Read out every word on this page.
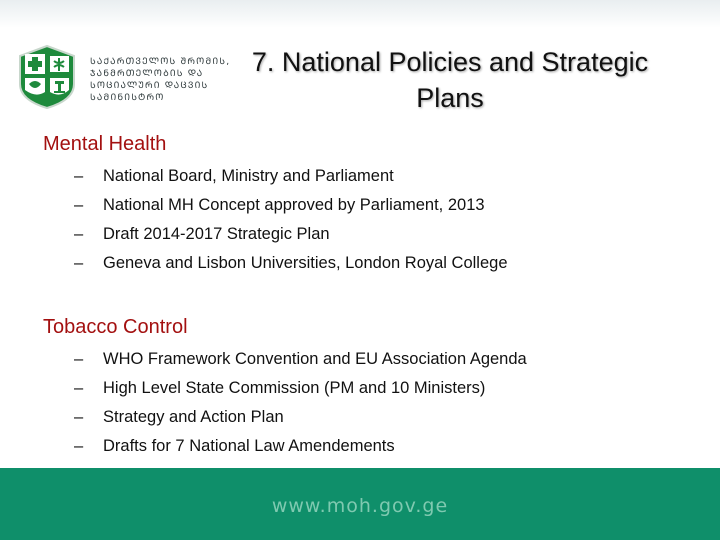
ᲡᲐᲥᲐᲠᲗᲕᲔᲚᲝᲡ ᲨᲠᲝᲛᲘᲡ,
ᲯᲐᲜᲛᲠᲗᲔᲚᲝᲑᲘᲡ ᲓᲐ
ᲡᲝᲪᲘᲐᲚᲣᲠᲘ ᲓᲐᲪᲕᲘᲡ
ᲡᲐᲛᲘᲜᲘᲡᲢᲠᲝ
7. National Policies and Strategic
Plans
Mental Health
–	National Board, Ministry and Parliament
–	National MH Concept approved by Parliament, 2013
–	Draft 2014-2017 Strategic Plan
–	Geneva and Lisbon Universities, London Royal College
Tobacco Control
–	WHO Framework Convention and EU Association Agenda
–	High Level State Commission (PM and 10 Ministers)
–	Strategy and Action Plan
–	Drafts for 7 National Law Amendements
www.moh.gov.ge
